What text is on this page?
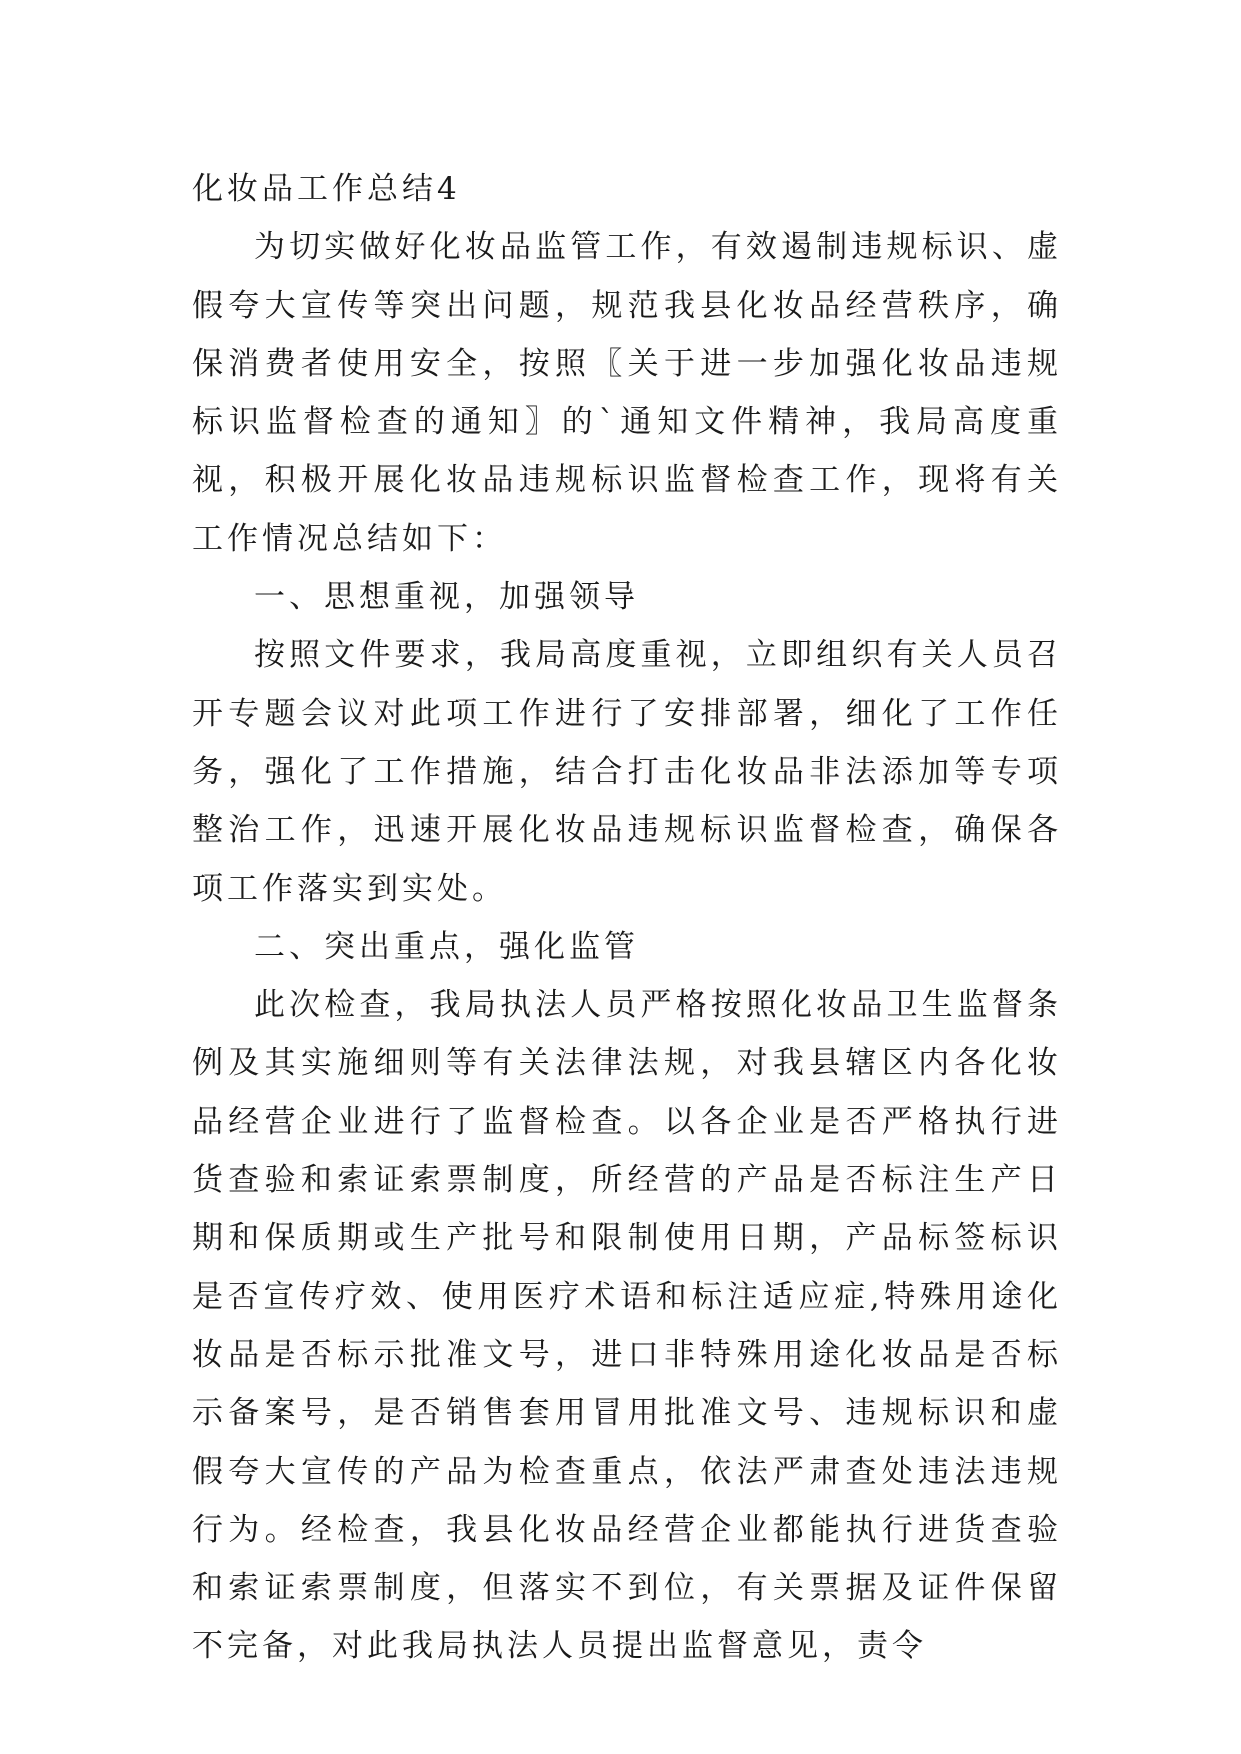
化妆品工作总结4

为切实做好化妆品监管工作，有效遏制违规标识、虚假夸大宣传等突出问题，规范我县化妆品经营秩序，确保消费者使用安全，按照〖关于进一步加强化妆品违规标识监督检查的通知〗的`通知文件精神，我局高度重视，积极开展化妆品违规标识监督检查工作，现将有关工作情况总结如下：

一、思想重视，加强领导

按照文件要求，我局高度重视，立即组织有关人员召开专题会议对此项工作进行了安排部署，细化了工作任务，强化了工作措施，结合打击化妆品非法添加等专项整治工作，迅速开展化妆品违规标识监督检查，确保各项工作落实到实处。

二、突出重点，强化监管

此次检查，我局执法人员严格按照化妆品卫生监督条例及其实施细则等有关法律法规，对我县辖区内各化妆品经营企业进行了监督检查。以各企业是否严格执行进货查验和索证索票制度，所经营的产品是否标注生产日期和保质期或生产批号和限制使用日期，产品标签标识是否宣传疗效、使用医疗术语和标注适应症,特殊用途化妆品是否标示批准文号，进口非特殊用途化妆品是否标示备案号，是否销售套用冒用批准文号、违规标识和虚假夸大宣传的产品为检查重点，依法严肃查处违法违规行为。经检查，我县化妆品经营企业都能执行进货查验和索证索票制度，但落实不到位，有关票据及证件保留不完备，对此我局执法人员提出监督意见，责令
